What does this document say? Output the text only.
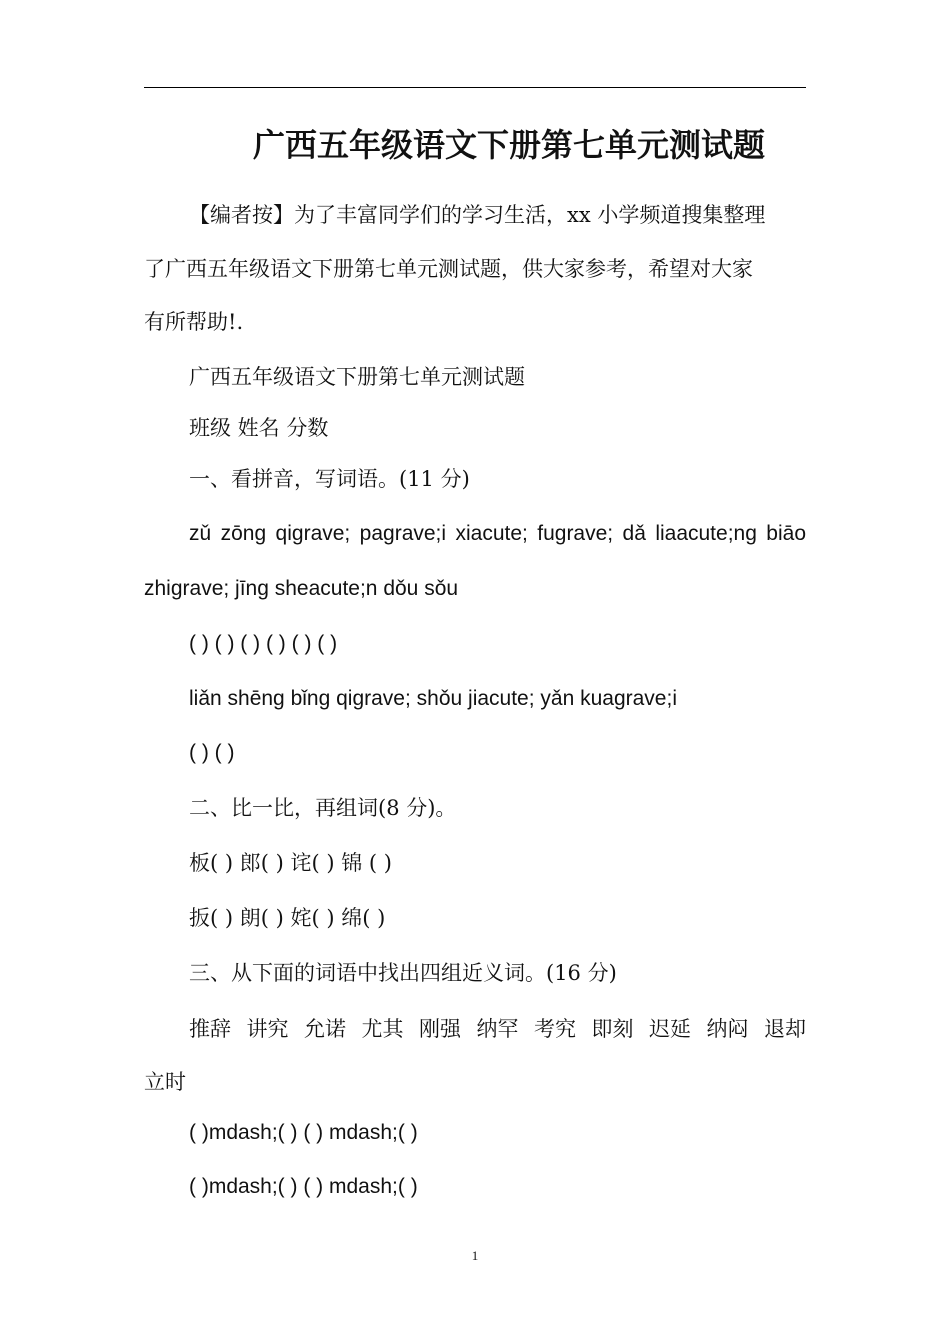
广西五年级语文下册第七单元测试题
【编者按】为了丰富同学们的学习生活，xx 小学频道搜集整理
了广西五年级语文下册第七单元测试题，供大家参考，希望对大家
有所帮助!.
广西五年级语文下册第七单元测试题
班级 姓名 分数
一、看拼音，写词语。(11 分)
zǔ zōng qigrave; pagrave;i xiacute; fugrave; dǎ liaacute;ng biāo
zhigrave; jīng sheacute;n dǒu sǒu
( ) ( ) ( ) ( ) ( ) ( )
liǎn shēng bǐng qigrave; shǒu jiacute; yǎn kuagrave;i
( ) ( )
二、比一比，再组词(8 分)。
板( ) 郎( ) 诧( ) 锦 ( )
扳( ) 朗( ) 姹( ) 绵( )
三、从下面的词语中找出四组近义词。(16 分)
推辞 讲究 允诺 尤其 刚强 纳罕 考究 即刻 迟延 纳闷 退却
立时
( )mdash;( ) ( ) mdash;( )
( )mdash;( ) ( ) mdash;( )
1
